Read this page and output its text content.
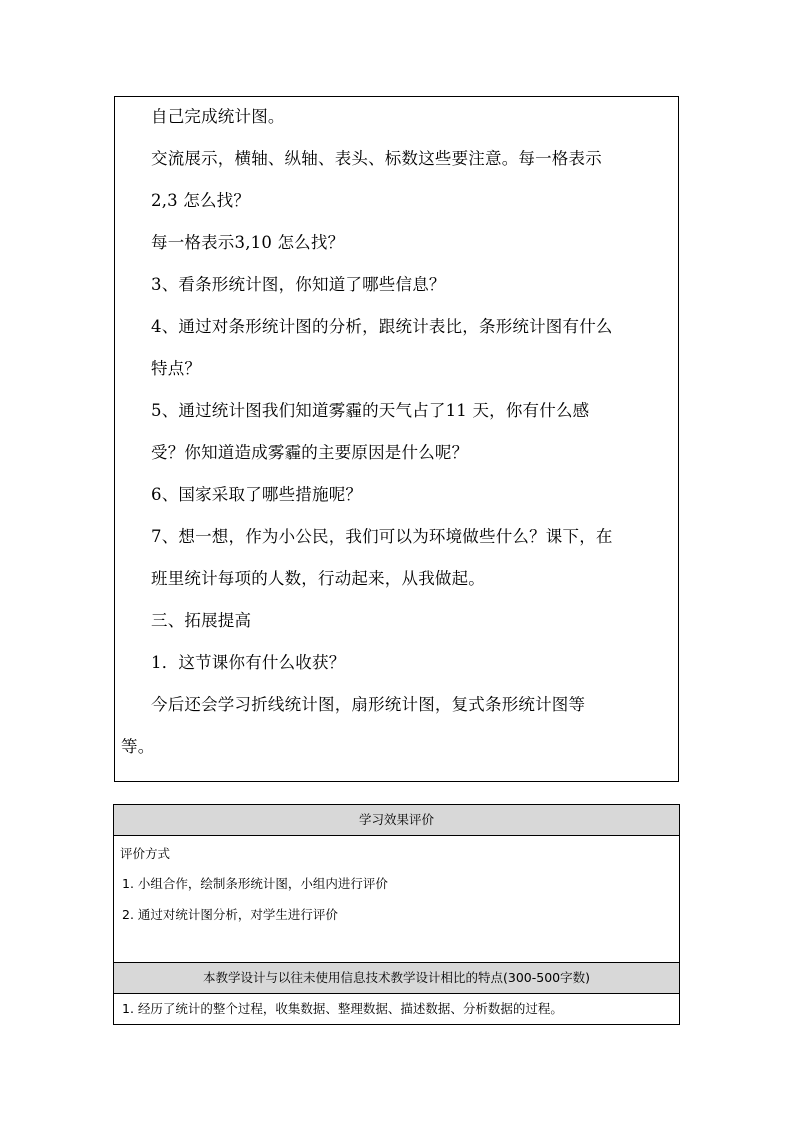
自己完成统计图。
交流展示，横轴、纵轴、表头、标数这些要注意。每一格表示
2,3 怎么找？
每一格表示3,10 怎么找？
3、看条形统计图，你知道了哪些信息？
4、通过对条形统计图的分析，跟统计表比，条形统计图有什么
特点？
5、通过统计图我们知道雾霾的天气占了11 天，你有什么感
受？你知道造成雾霾的主要原因是什么呢？
6、国家采取了哪些措施呢？
7、想一想，作为小公民，我们可以为环境做些什么？课下，在
班里统计每项的人数，行动起来，从我做起。
三、拓展提高
1．这节课你有什么收获？
今后还会学习折线统计图，扇形统计图，复式条形统计图等
等。
学习效果评价

评价方式
1. 小组合作，绘制条形统计图，小组内进行评价
2. 通过对统计图分析，对学生进行评价

本教学设计与以往未使用信息技术教学设计相比的特点(300-500字数)

1. 经历了统计的整个过程，收集数据、整理数据、描述数据、分析数据的过程。
